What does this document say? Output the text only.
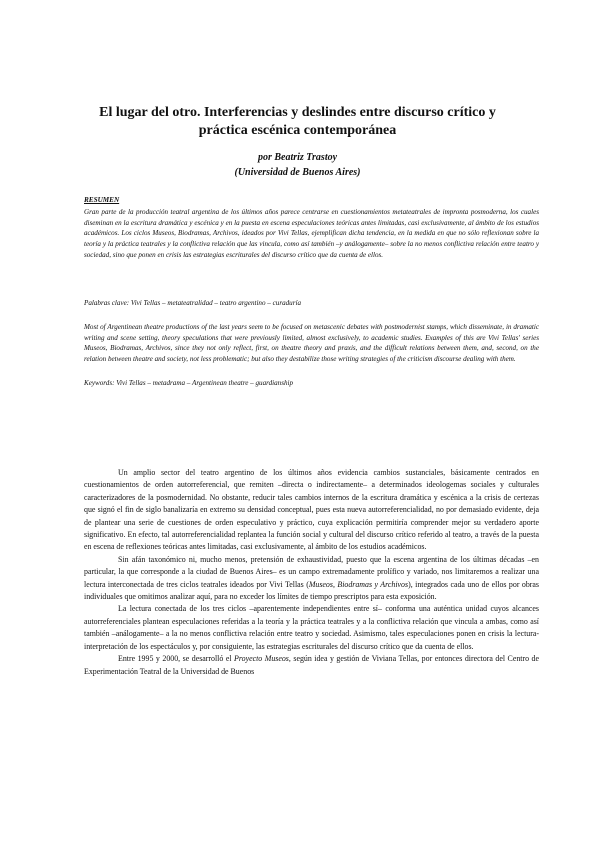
El lugar del otro. Interferencias y deslindes entre discurso crítico y
práctica escénica contemporánea
por Beatriz Trastoy
(Universidad de Buenos Aires)
RESUMEN
Gran parte de la producción teatral argentina de los últimos años parece centrarse en cuestionamientos metateatrales de impronta posmoderna, los cuales diseminan en la escritura dramática y escénica y en la puesta en escena especulaciones teóricas antes limitadas, casi exclusivamente, al ámbito de los estudios académicos. Los ciclos Museos, Biodramas, Archivos, ideados por Vivi Tellas, ejemplifican dicha tendencia, en la medida en que no sólo reflexionan sobre la teoría y la práctica teatrales y la conflictiva relación que las vincula, como así también –y análogamente– sobre la no menos conflictiva relación entre teatro y sociedad, sino que ponen en crisis las estrategias escriturales del discurso crítico que da cuenta de ellos.
Palabras clave: Vivi Tellas – metateatralidad – teatro argentino – curaduría
Most of Argentinean theatre productions of the last years seem to be focused on metascenic debates with postmodernist stamps, which disseminate, in dramatic writing and scene setting, theory speculations that were previously limited, almost exclusively, to academic studies. Examples of this are Vivi Tellas' series Museos, Biodramas, Archivos, since they not only reflect, first, on theatre theory and praxis, and the difficult relations between them, and, second, on the relation between theatre and society, not less problematic; but also they destabilize those writing strategies of the criticism discourse dealing with them.
Keywords: Vivi Tellas – metadrama – Argentinean theatre – guardianship

Un amplio sector del teatro argentino de los últimos años evidencia cambios sustanciales, básicamente centrados en cuestionamientos de orden autorreferencial, que remiten –directa o indirectamente– a determinados ideologemas sociales y culturales caracterizadores de la posmodernidad. No obstante, reducir tales cambios internos de la escritura dramática y escénica a la crisis de certezas que signó el fin de siglo banalizaría en extremo su densidad conceptual, pues esta nueva autorreferencialidad, no por demasiado evidente, deja de plantear una serie de cuestiones de orden especulativo y práctico, cuya explicación permitiría comprender mejor su verdadero aporte significativo. En efecto, tal autorreferencialidad replantea la función social y cultural del discurso crítico referido al teatro, a través de la puesta en escena de reflexiones teóricas antes limitadas, casi exclusivamente, al ámbito de los estudios académicos.

Sin afán taxonómico ni, mucho menos, pretensión de exhaustividad, puesto que la escena argentina de los últimas décadas –en particular, la que corresponde a la ciudad de Buenos Aires– es un campo extremadamente prolífico y variado, nos limitaremos a realizar una lectura interconectada de tres ciclos teatrales ideados por Vivi Tellas (Museos, Biodramas y Archivos), integrados cada uno de ellos por obras individuales que omitimos analizar aquí, para no exceder los límites de tiempo prescriptos para esta exposición.

La lectura conectada de los tres ciclos –aparentemente independientes entre sí– conforma una auténtica unidad cuyos alcances autorreferenciales plantean especulaciones referidas a la teoría y la práctica teatrales y a la conflictiva relación que vincula a ambas, como así también –análogamente– a la no menos conflictiva relación entre teatro y sociedad. Asimismo, tales especulaciones ponen en crisis la lectura-interpretación de los espectáculos y, por consiguiente, las estrategias escriturales del discurso crítico que da cuenta de ellos.

Entre 1995 y 2000, se desarrolló el Proyecto Museos, según idea y gestión de Viviana Tellas, por entonces directora del Centro de Experimentación Teatral de la Universidad de Buenos
